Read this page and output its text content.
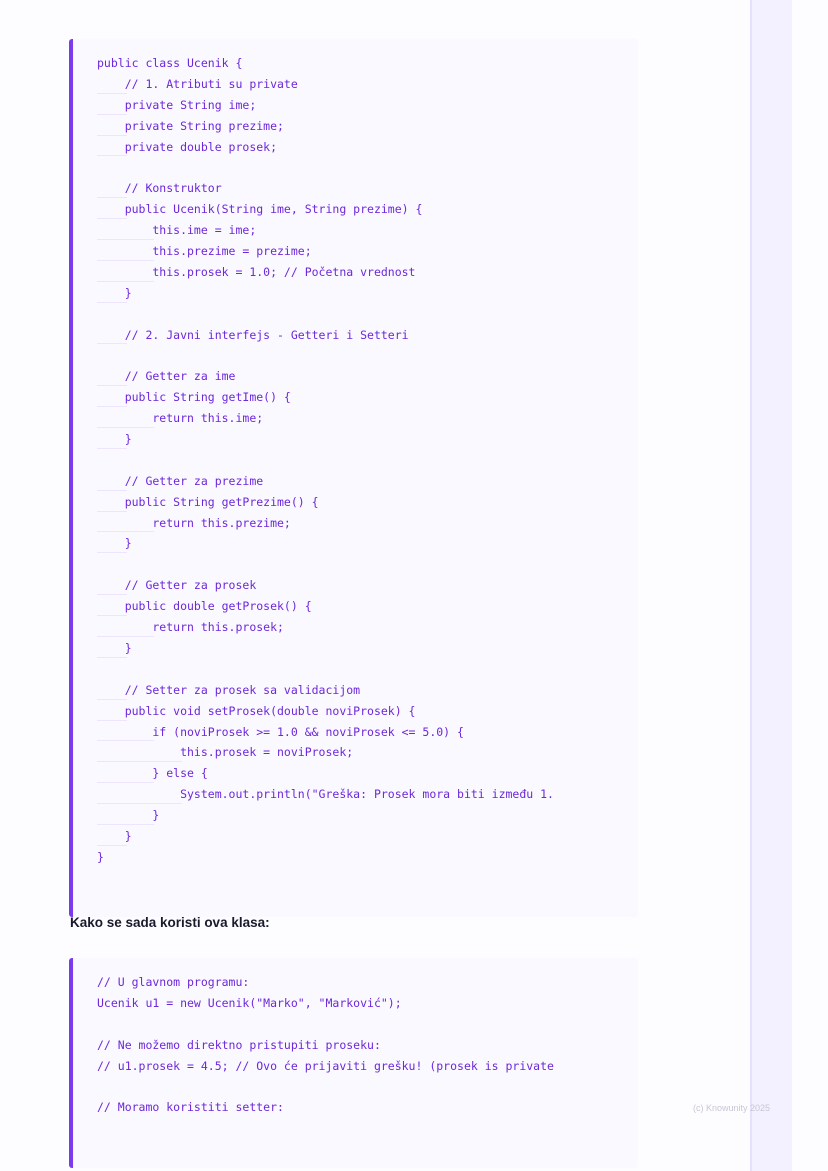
public class Ucenik {
// 1. Atributi su private
private String ime;
private String prezime;
private double prosek;

// Konstruktor
public Ucenik(String ime, String prezime) {
this.ime = ime;
this.prezime = prezime;
this.prosek = 1.0; // Početna vrednost
}

// 2. Javni interfejs - Getteri i Setteri

// Getter za ime
public String getIme() {
return this.ime;
}

// Getter za prezime
public String getPrezime() {
return this.prezime;
}

// Getter za prosek
public double getProsek() {
return this.prosek;
}

// Setter za prosek sa validacijom
public void setProsek(double noviProsek) {
if (noviProsek >= 1.0 && noviProsek <= 5.0) {
this.prosek = noviProsek;
} else {
System.out.println("Greška: Prosek mora biti između 1.
}
}
}
Kako se sada koristi ova klasa:
// U glavnom programu:
Ucenik u1 = new Ucenik("Marko", "Marković");

// Ne možemo direktno pristupiti proseku:
// u1.prosek = 4.5; // Ovo će prijaviti grešku! (prosek is private

// Moramo koristiti setter:	(c) Knowunity 2025
